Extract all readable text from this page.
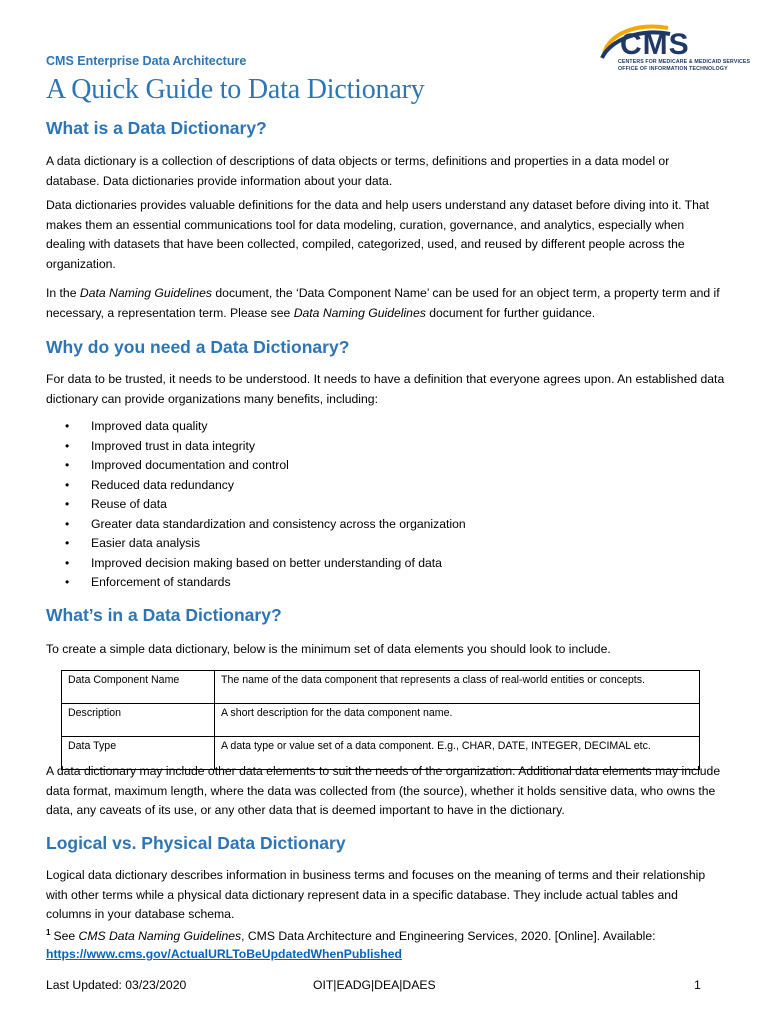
CMS Enterprise Data Architecture
A Quick Guide to Data Dictionary
CMS
CENTERS FOR MEDICARE & MEDICAID SERVICES
OFFICE OF INFORMATION TECHNOLOGY
What is a Data Dictionary?

A data dictionary is a collection of descriptions of data objects or terms, definitions and properties in a data model or database. Data dictionaries provide information about your data.

Data dictionaries provides valuable definitions for the data and help users understand any dataset before diving into it. That makes them an essential communications tool for data modeling, curation, governance, and analytics, especially when dealing with datasets that have been collected, compiled, categorized, used, and reused by different people across the organization.

In the Data Naming Guidelines document, the ‘Data Component Name’ can be used for an object term, a property term and if necessary, a representation term. Please see Data Naming Guidelines document for further guidance.

Why do you need a Data Dictionary?

For data to be trusted, it needs to be understood. It needs to have a definition that everyone agrees upon. An established data dictionary can provide organizations many benefits, including:

• Improved data quality
• Improved trust in data integrity
• Improved documentation and control
• Reduced data redundancy
• Reuse of data
• Greater data standardization and consistency across the organization
• Easier data analysis
• Improved decision making based on better understanding of data
• Enforcement of standards
What’s in a Data Dictionary?

To create a simple data dictionary, below is the minimum set of data elements you should look to include.

Data Component Name	The name of the data component that represents a class of real-world entities or concepts.
Description	A short description for the data component name.
Data Type	A data type or value set of a data component. E.g., CHAR, DATE, INTEGER, DECIMAL etc.

A data dictionary may include other data elements to suit the needs of the organization. Additional data elements may include data format, maximum length, where the data was collected from (the source), whether it holds sensitive data, who owns the data, any caveats of its use, or any other data that is deemed important to have in the dictionary.

Logical vs. Physical Data Dictionary

Logical data dictionary describes information in business terms and focuses on the meaning of terms and their relationship with other terms while a physical data dictionary represent data in a specific database. They include actual tables and columns in your database schema.

$^1$ See CMS Data Naming Guidelines, CMS Data Architecture and Engineering Services, 2020. [Online]. Available:
https://www.cms.gov/ActualURLToBeUpdatedWhenPublished
Last Updated: 03/23/2020	OIT|EADG|DEA|DAES	1
